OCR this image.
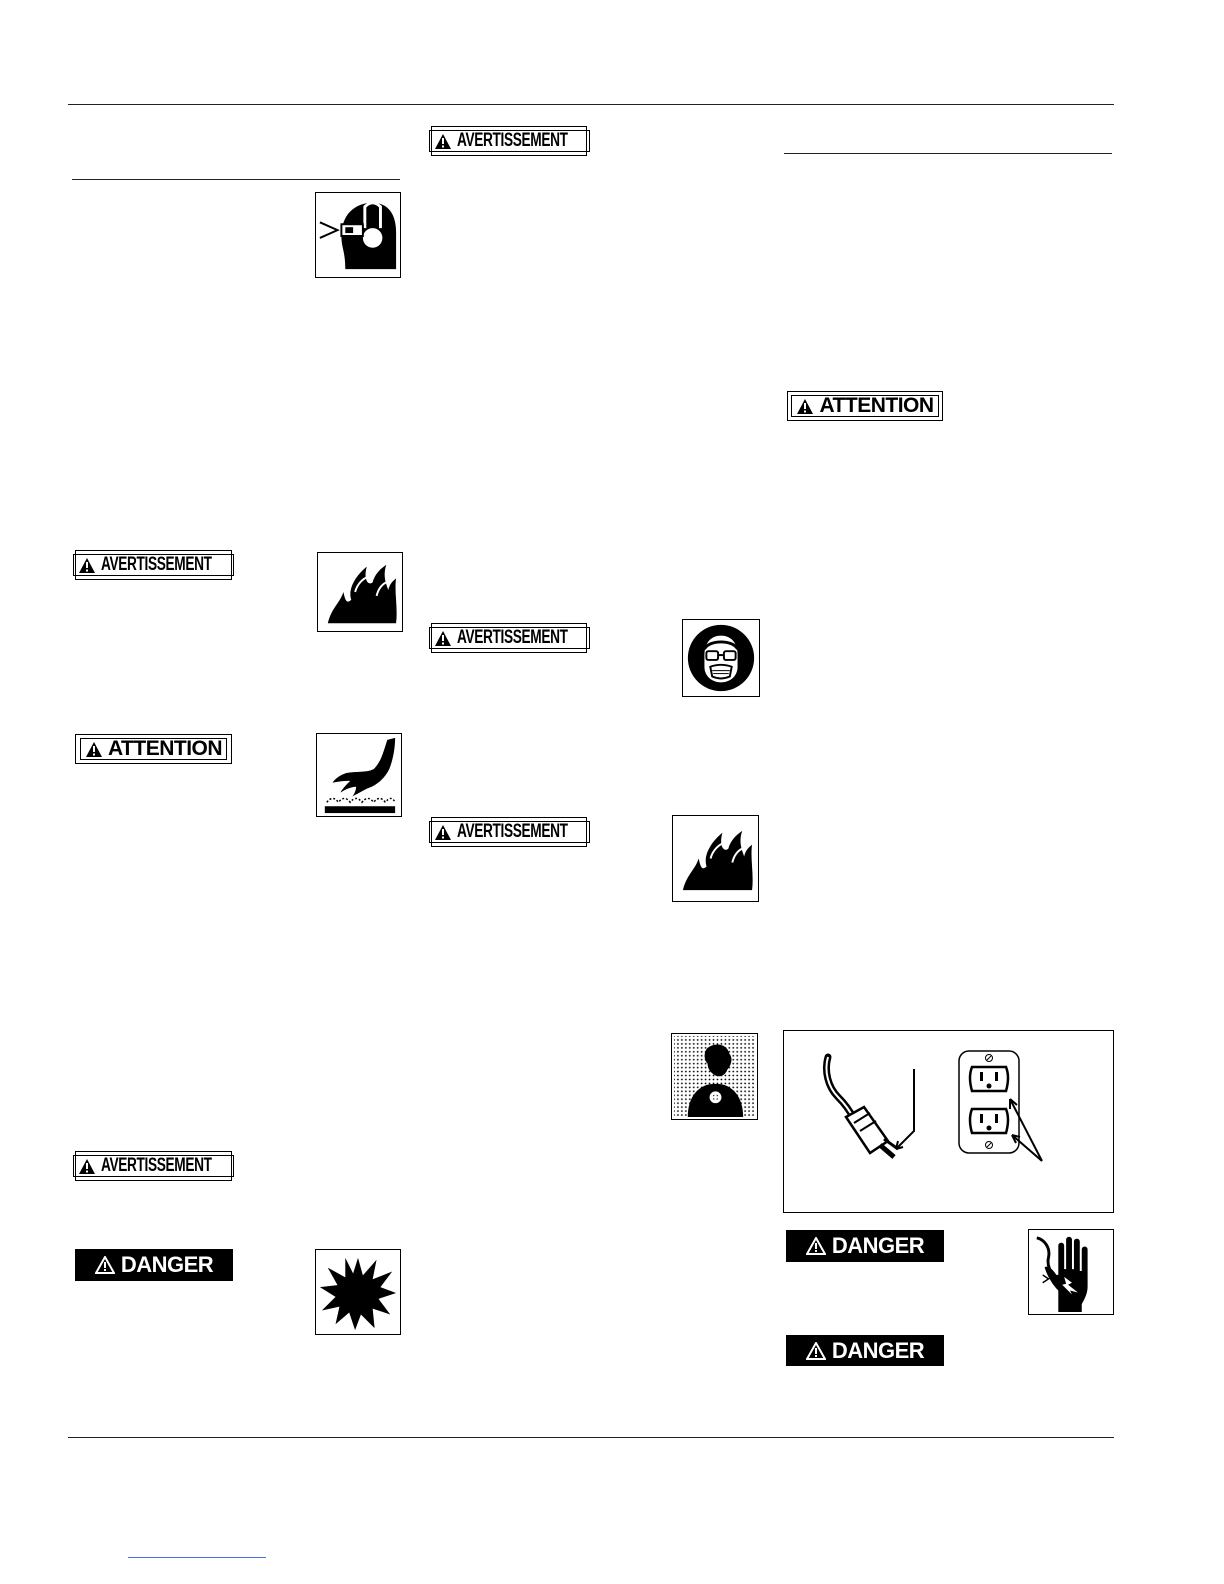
AVERTISSEMENT
ATTENTION
AVERTISSEMENT
DANGER
AVERTISSEMENT
AVERTISSEMENT
AVERTISSEMENT
ATTENTION
DANGER
DANGER
